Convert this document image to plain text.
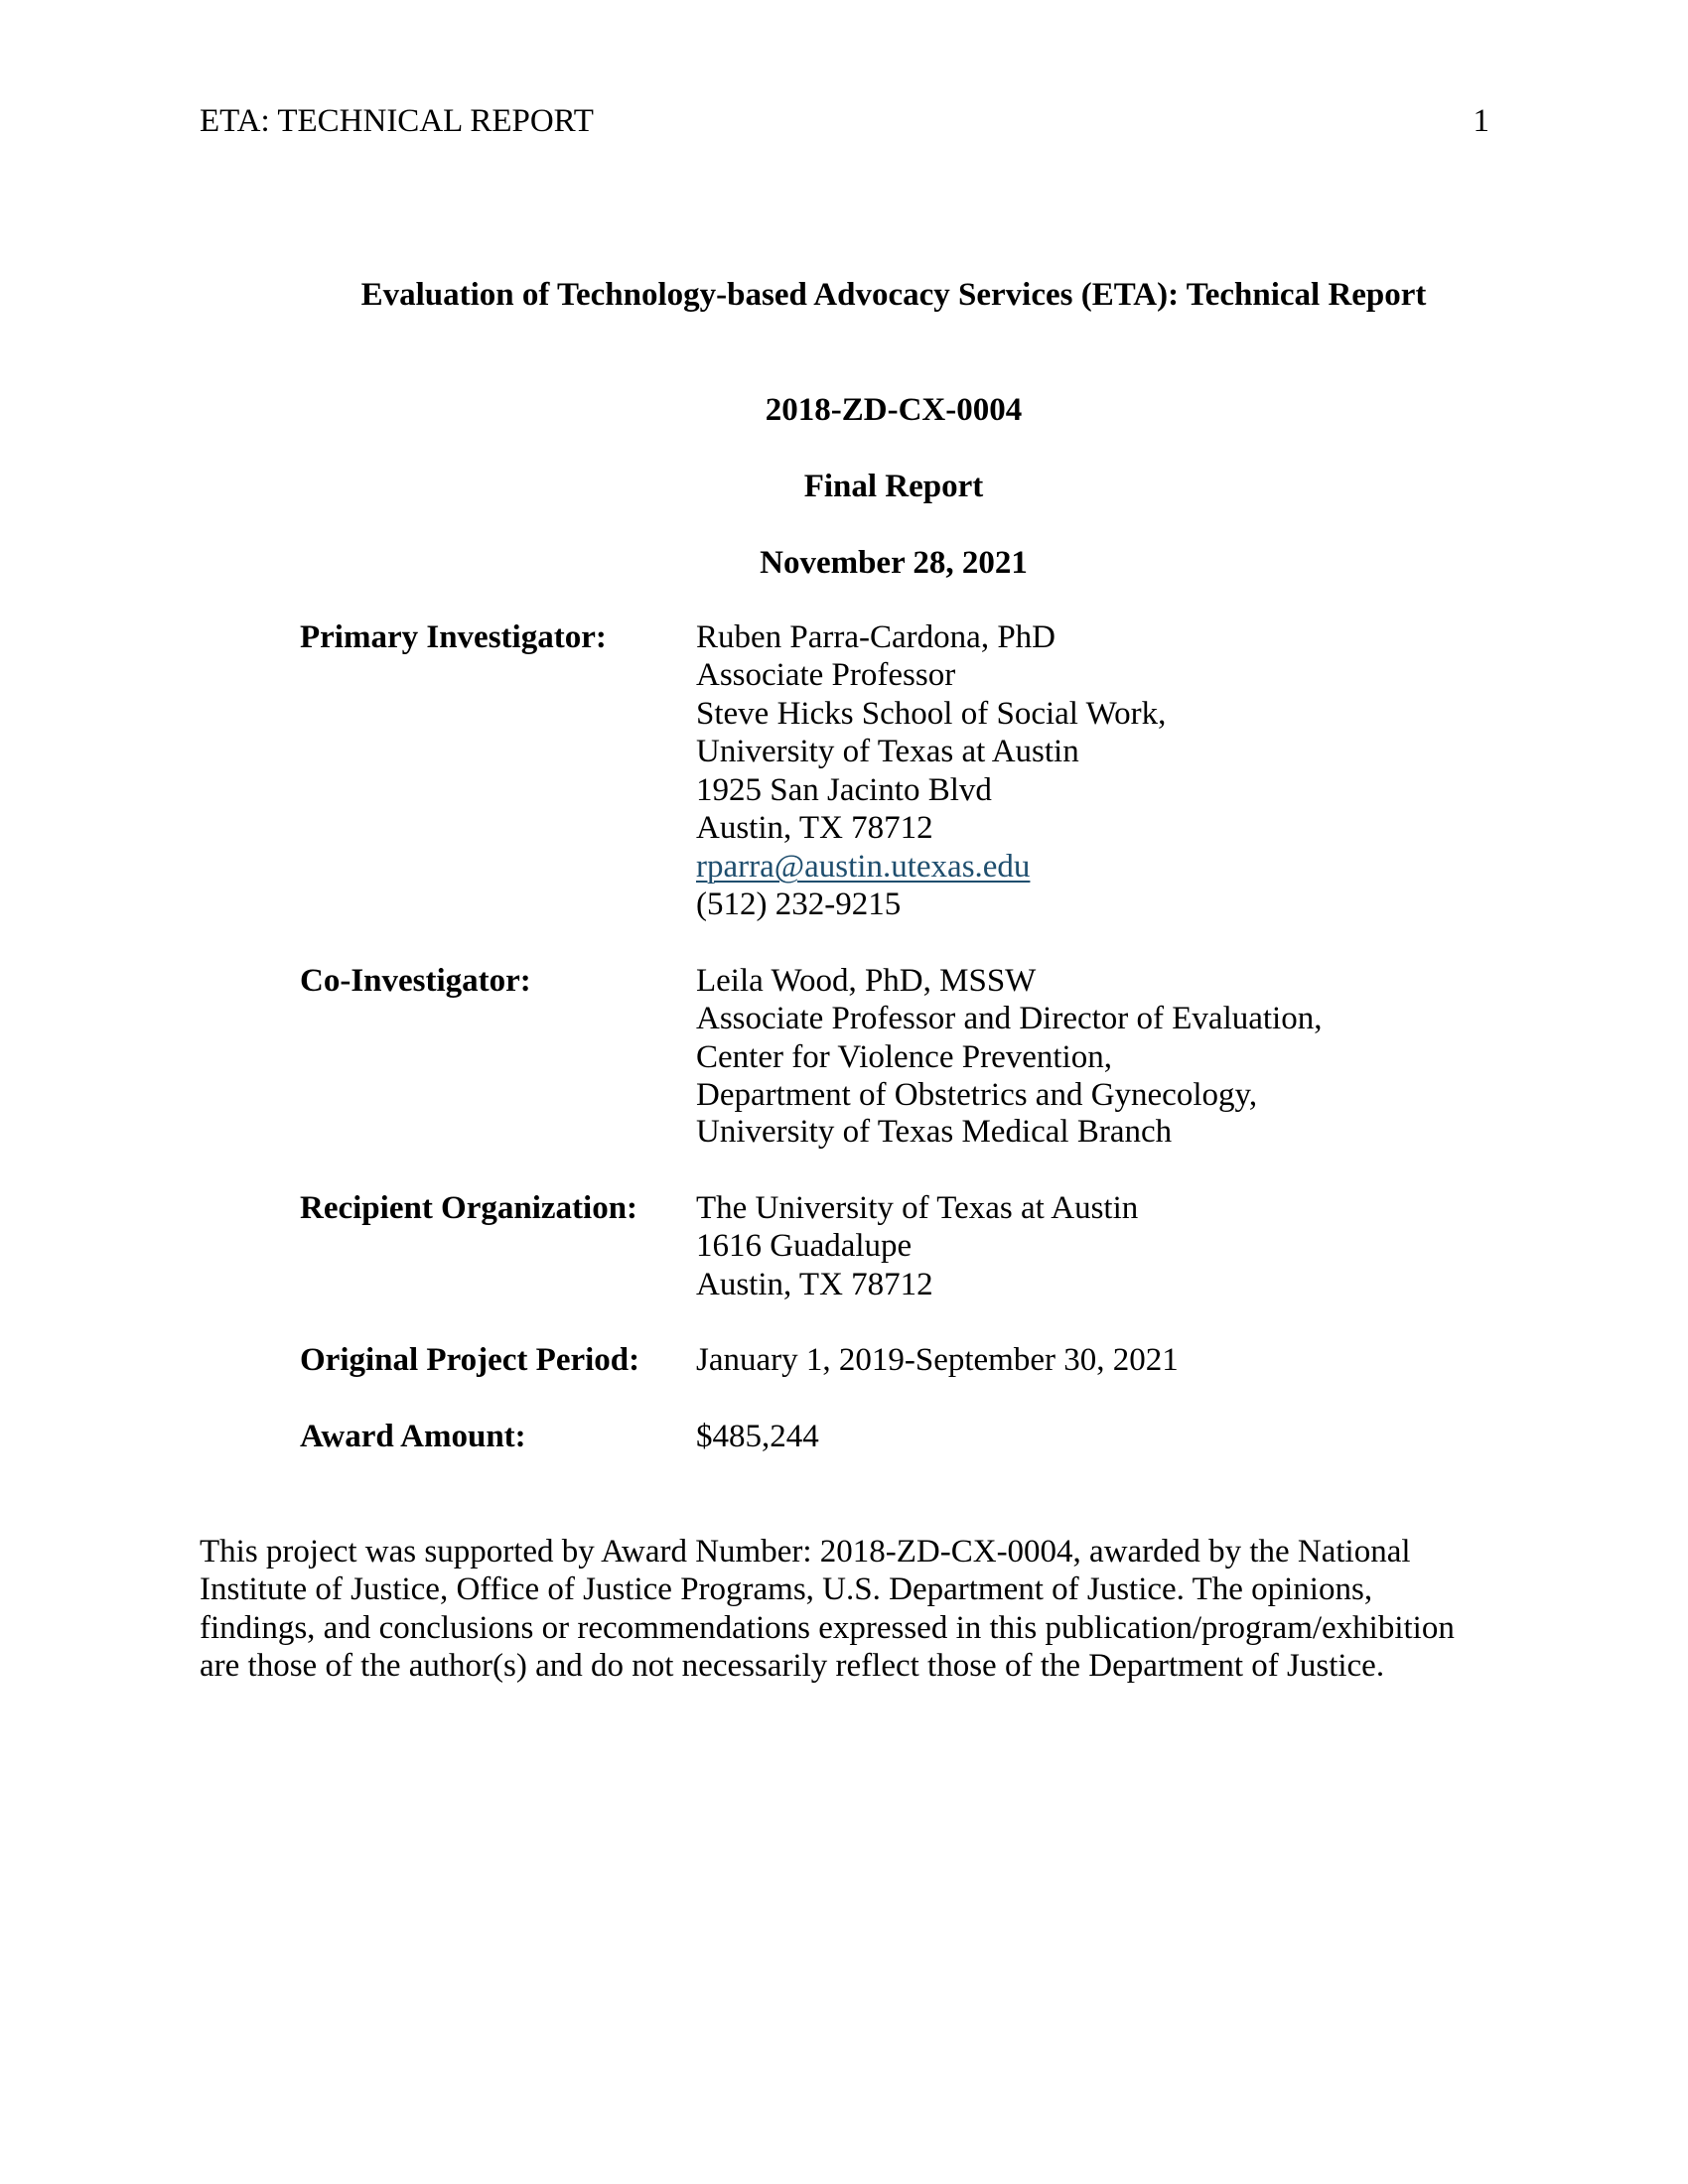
ETA: TECHNICAL REPORT	1
Evaluation of Technology-based Advocacy Services (ETA): Technical Report
2018-ZD-CX-0004
Final Report
November 28, 2021
Primary Investigator:	Ruben Parra-Cardona, PhD
Associate Professor
Steve Hicks School of Social Work,
University of Texas at Austin
1925 San Jacinto Blvd
Austin, TX 78712
rparra@austin.utexas.edu
(512) 232-9215
Co-Investigator:	Leila Wood, PhD, MSSW
Associate Professor and Director of Evaluation,
Center for Violence Prevention,
Department of Obstetrics and Gynecology,
University of Texas Medical Branch
Recipient Organization: The University of Texas at Austin
1616 Guadalupe
Austin, TX 78712
Original Project Period: January 1, 2019-September 30, 2021
Award Amount:	$485,244
This project was supported by Award Number: 2018-ZD-CX-0004, awarded by the National
Institute of Justice, Office of Justice Programs, U.S. Department of Justice. The opinions,
findings, and conclusions or recommendations expressed in this publication/program/exhibition
are those of the author(s) and do not necessarily reflect those of the Department of Justice.
